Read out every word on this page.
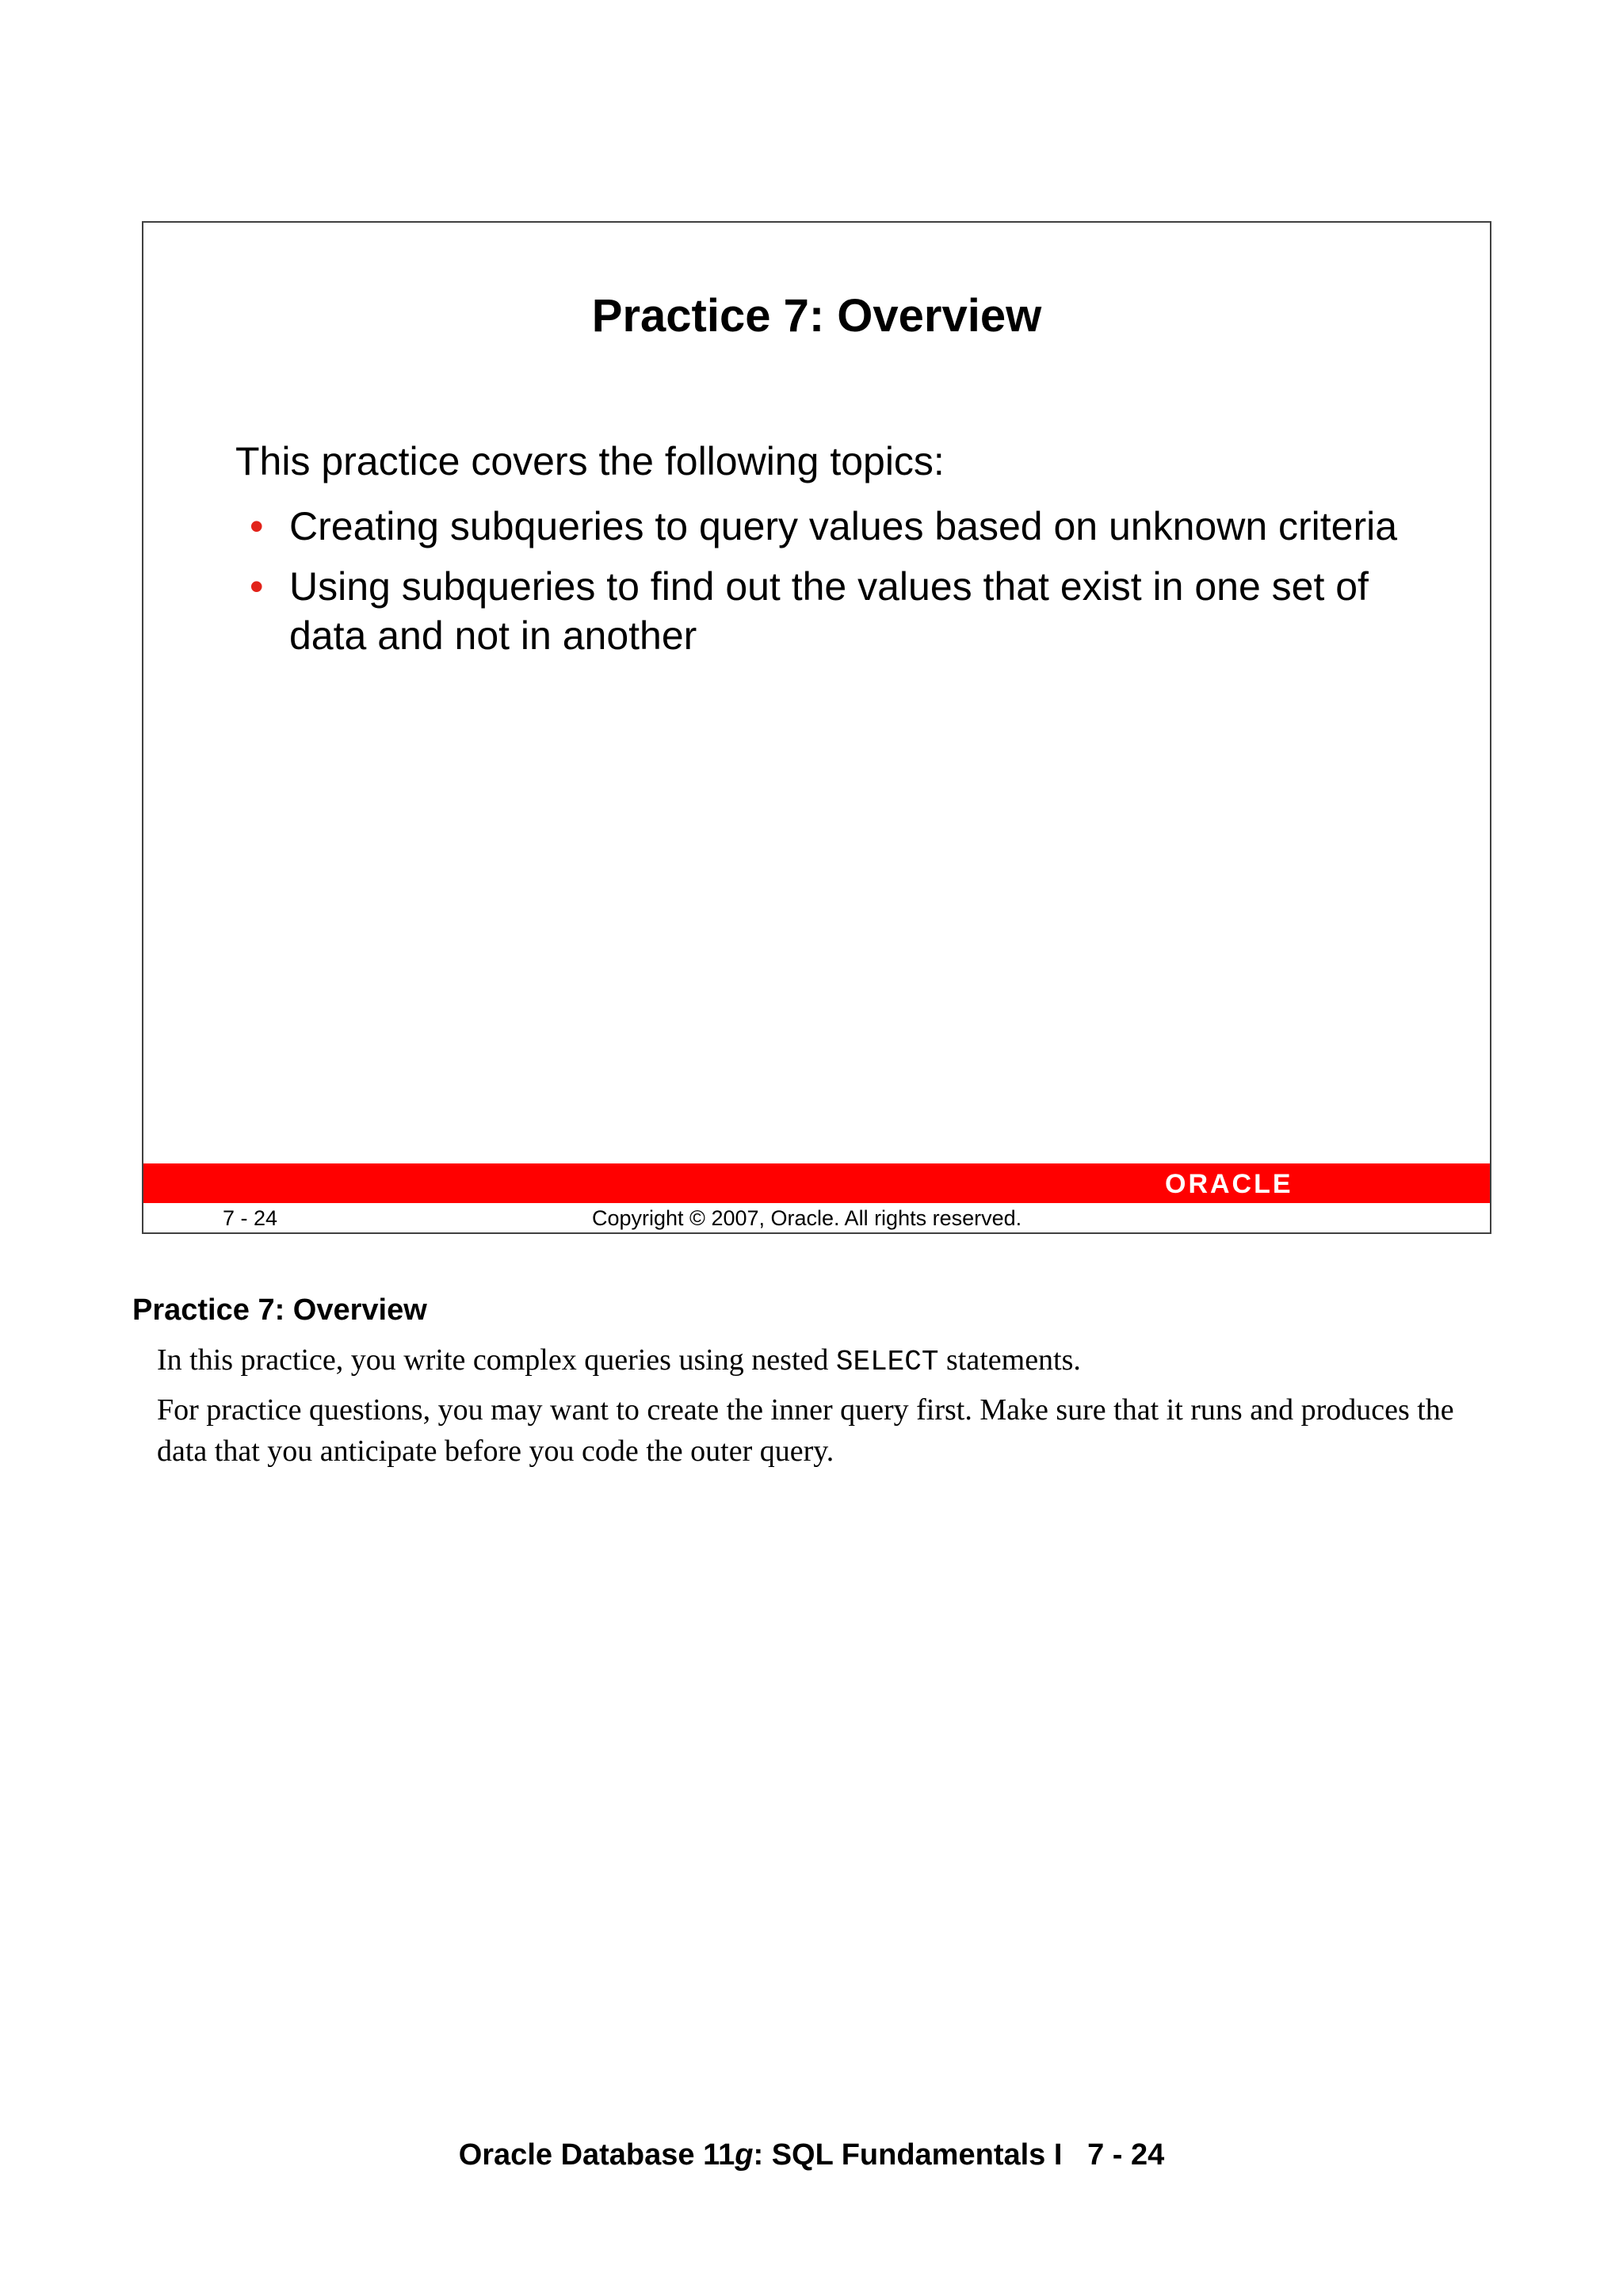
Practice 7: Overview
This practice covers the following topics:
• Creating subqueries to query values based on unknown criteria
• Using subqueries to find out the values that exist in one set of data and not in another
ORACLE
7 - 24	Copyright © 2007, Oracle. All rights reserved.
Practice 7: Overview

In this practice, you write complex queries using nested SELECT statements.

For practice questions, you may want to create the inner query first. Make sure that it runs and produces the data that you anticipate before you code the outer query.

Oracle Database 11g: SQL Fundamentals I 7 - 24
